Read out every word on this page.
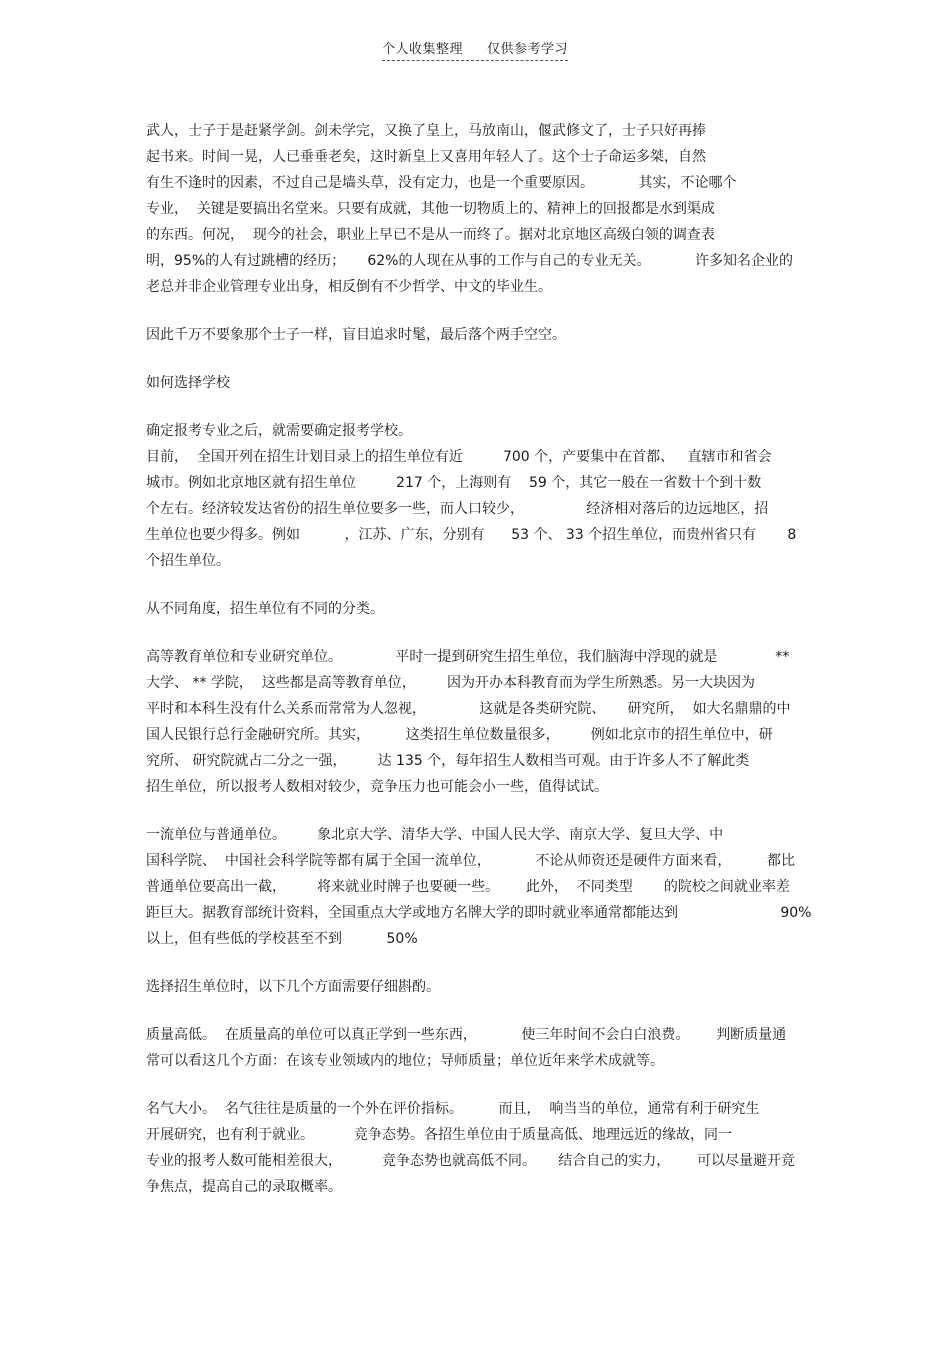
个人收集整理 仅供参考学习
武人，士子于是赶紧学剑。剑未学完，又换了皇上，马放南山，偃武修文了，士子只好再捧
起书来。时间一晃，人已垂垂老矣，这时新皇上又喜用年轻人了。这个士子命运多桀，自然
有生不逢时的因素，不过自己是墙头草，没有定力，也是一个重要原因。          其实，不论哪个
专业，  关键是要搞出名堂来。只要有成就，其他一切物质上的、精神上的回报都是水到渠成
的东西。何况，  现今的社会，职业上早已不是从一而终了。据对北京地区高级白领的调查表
明，95%的人有过跳槽的经历；     62%的人现在从事的工作与自己的专业无关。          许多知名企业的
老总并非企业管理专业出身，相反倒有不少哲学、中文的毕业生。
因此千万不要象那个士子一样，盲目追求时髦，最后落个两手空空。
如何选择学校
确定报考专业之后，就需要确定报考学校。
目前，  全国开列在招生计划目录上的招生单位有近         700 个，产要集中在首都、   直辖市和省会
城市。例如北京地区就有招生单位         217 个，上海则有    59 个，其它一般在一省数十个到十数
个左右。经济较发达省份的招生单位要多一些，而人口较少，              经济相对落后的边远地区，招
生单位也要少得多。例如          ，江苏、广东，分别有      53 个、 33 个招生单位，而贵州省只有       8
个招生单位。
从不同角度，招生单位有不同的分类。
高等教育单位和专业研究单位。            平时一提到研究生招生单位，我们脑海中浮现的就是             **
大学、 ** 学院，  这些都是高等教育单位，       因为开办本科教育而为学生所熟悉。另一大块因为
平时和本科生没有什么关系而常常为人忽视，            这就是各类研究院、     研究所，  如大名鼎鼎的中
国人民银行总行金融研究所。其实，        这类招生单位数量很多，       例如北京市的招生单位中，研
究所、 研究院就占二分之一强，       达 135 个，每年招生人数相当可观。由于许多人不了解此类
招生单位，所以报考人数相对较少，竞争压力也可能会小一些，值得试试。
一流单位与普通单位。       象北京大学、清华大学、中国人民大学、南京大学、复旦大学、中
国科学院、  中国社会科学院等都有属于全国一流单位，          不论从师资还是硬件方面来看，        都比
普通单位要高出一截，       将来就业时牌子也要硬一些。      此外，  不同类型       的院校之间就业率差
距巨大。据教育部统计资料，全国重点大学或地方名牌大学的即时就业率通常都能达到                       90%
以上，但有些低的学校甚至不到          50%
选择招生单位时，以下几个方面需要仔细斟酌。
质量高低。  在质量高的单位可以真正学到一些东西，          使三年时间不会白白浪费。      判断质量通
常可以看这几个方面：在该专业领域内的地位；导师质量；单位近年来学术成就等。
名气大小。  名气往往是质量的一个外在评价指标。        而且，  响当当的单位，通常有利于研究生
开展研究，也有利于就业。         竞争态势。各招生单位由于质量高低、地理远近的缘故，同一
专业的报考人数可能相差很大，         竞争态势也就高低不同。     结合自己的实力，      可以尽量避开竞
争焦点，提高自己的录取概率。
